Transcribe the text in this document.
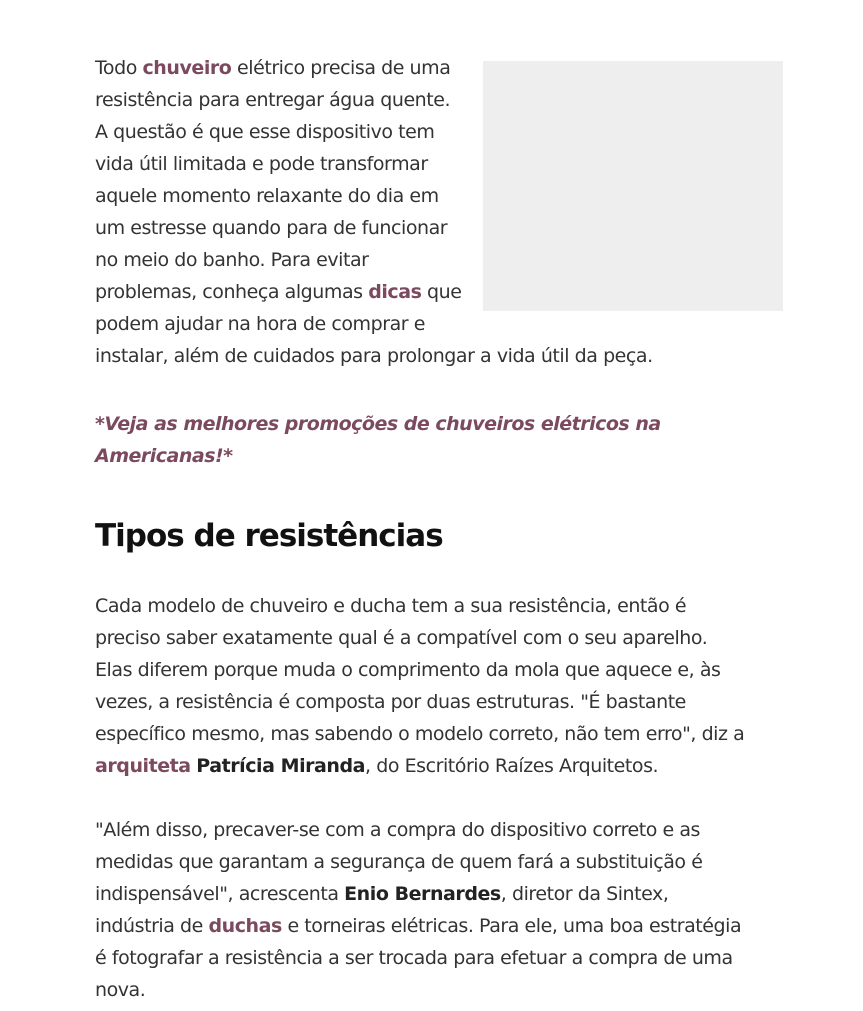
Todo chuveiro elétrico precisa de uma resistência para entregar água quente. A questão é que esse dispositivo tem vida útil limitada e pode transformar aquele momento relaxante do dia em um estresse quando para de funcionar no meio do banho. Para evitar problemas, conheça algumas dicas que podem ajudar na hora de comprar e instalar, além de cuidados para prolongar a vida útil da peça.

*Veja as melhores promoções de chuveiros elétricos na Americanas!*

Tipos de resistências

Cada modelo de chuveiro e ducha tem a sua resistência, então é preciso saber exatamente qual é a compatível com o seu aparelho. Elas diferem porque muda o comprimento da mola que aquece e, às vezes, a resistência é composta por duas estruturas. "É bastante específico mesmo, mas sabendo o modelo correto, não tem erro", diz a arquiteta Patrícia Miranda, do Escritório Raízes Arquitetos.

"Além disso, precaver-se com a compra do dispositivo correto e as medidas que garantam a segurança de quem fará a substituição é indispensável", acrescenta Enio Bernardes, diretor da Sintex, indústria de duchas e torneiras elétricas. Para ele, uma boa estratégia é fotografar a resistência a ser trocada para efetuar a compra de uma nova.
